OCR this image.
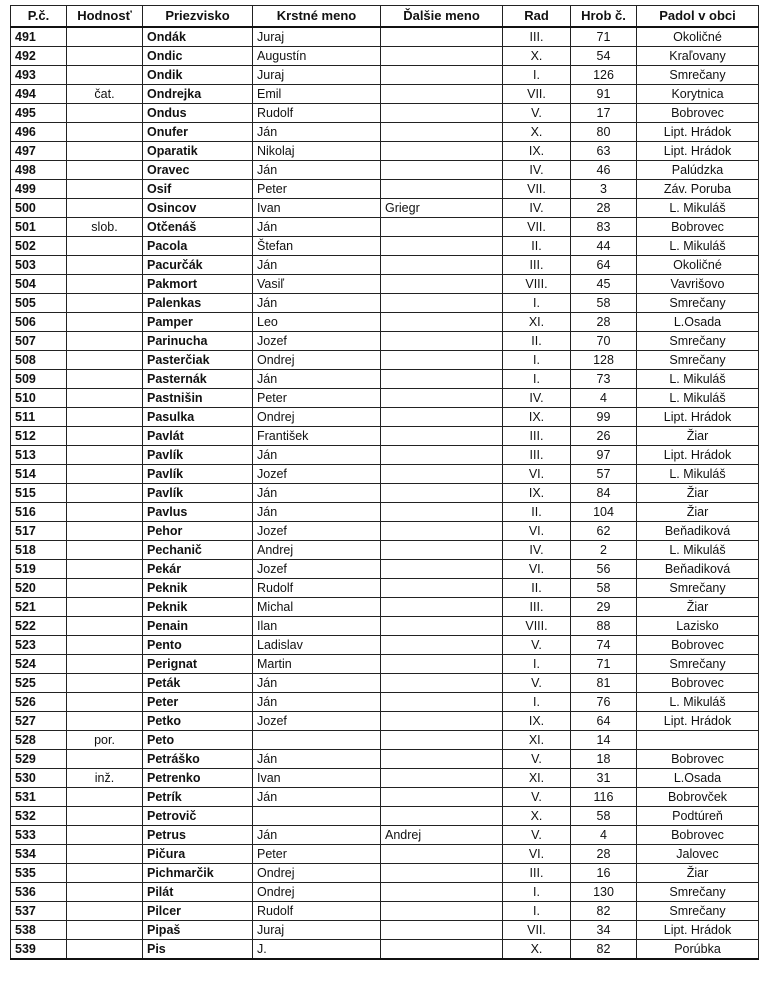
P.č.	Hodnosť	Priezvisko	Krstné meno	Ďalšie meno	Rad	Hrob č.	Padol v obci
491		Ondák	Juraj		III.	71	Okoličné
492		Ondic	Augustín		X.	54	Kraľovany
493		Ondik	Juraj		I.	126	Smrečany
494	čat.	Ondrejka	Emil		VII.	91	Korytnica
495		Ondus	Rudolf		V.	17	Bobrovec
496		Onufer	Ján		X.	80	Lipt. Hrádok
497		Oparatik	Nikolaj		IX.	63	Lipt. Hrádok
498		Oravec	Ján		IV.	46	Palúdzka
499		Osif	Peter		VII.	3	Záv. Poruba
500		Osincov	Ivan	Griegr	IV.	28	L. Mikuláš
501	slob.	Otčenáš	Ján		VII.	83	Bobrovec
502		Pacola	Štefan		II.	44	L. Mikuláš
503		Pacurčák	Ján		III.	64	Okoličné
504		Pakmort	Vasiľ		VIII.	45	Vavrišovo
505		Palenkas	Ján		I.	58	Smrečany
506		Pamper	Leo		XI.	28	L.Osada
507		Parinucha	Jozef		II.	70	Smrečany
508		Pasterčiak	Ondrej		I.	128	Smrečany
509		Pasternák	Ján		I.	73	L. Mikuláš
510		Pastnišin	Peter		IV.	4	L. Mikuláš
511		Pasulka	Ondrej		IX.	99	Lipt. Hrádok
512		Pavlát	František		III.	26	Žiar
513		Pavlík	Ján		III.	97	Lipt. Hrádok
514		Pavlík	Jozef		VI.	57	L. Mikuláš
515		Pavlík	Ján		IX.	84	Žiar
516		Pavlus	Ján		II.	104	Žiar
517		Pehor	Jozef		VI.	62	Beňadiková
518		Pechanič	Andrej		IV.	2	L. Mikuláš
519		Pekár	Jozef		VI.	56	Beňadiková
520		Peknik	Rudolf		II.	58	Smrečany
521		Peknik	Michal		III.	29	Žiar
522		Penain	Ilan		VIII.	88	Lazisko
523		Pento	Ladislav		V.	74	Bobrovec
524		Perignat	Martin		I.	71	Smrečany
525		Peták	Ján		V.	81	Bobrovec
526		Peter	Ján		I.	76	L. Mikuláš
527		Petko	Jozef		IX.	64	Lipt. Hrádok
528	por.	Peto			XI.	14	
529		Petráško	Ján		V.	18	Bobrovec
530	inž.	Petrenko	Ivan		XI.	31	L.Osada
531		Petrík	Ján		V.	116	Bobrovček
532		Petrovič			X.	58	Podtúreň
533		Petrus	Ján	Andrej	V.	4	Bobrovec
534		Pičura	Peter		VI.	28	Jalovec
535		Pichmarčik	Ondrej		III.	16	Žiar
536		Pilát	Ondrej		I.	130	Smrečany
537		Pilcer	Rudolf		I.	82	Smrečany
538		Pipaš	Juraj		VII.	34	Lipt. Hrádok
539		Pis	J.		X.	82	Porúbka
